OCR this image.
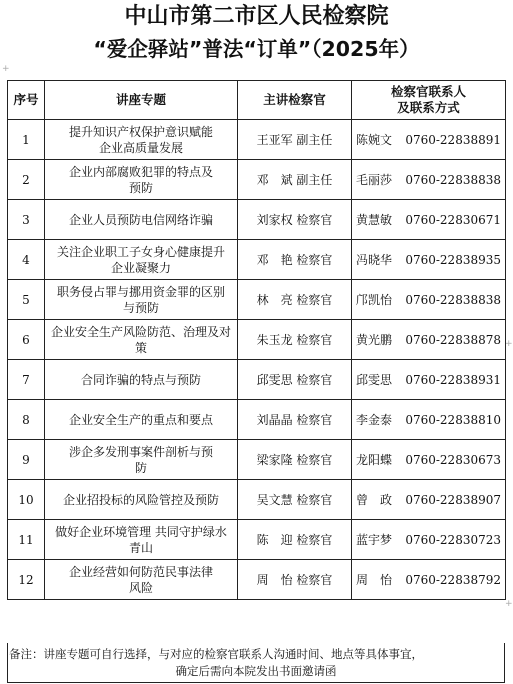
中山市第二市区人民检察院
“爱企驿站”普法“订单”（2025年）
+
+
+
序号	讲座专题	主讲检察官	检察官联系人
及联系方式

1	提升知识产权保护意识赋能企业高质量发展	王亚军 副主任	陈婉文 0760-22838891

2	企业内部腐败犯罪的特点及预防	邓　斌 副主任	毛丽莎 0760-22838838

3	企业人员预防电信网络诈骗	刘家权 检察官	黄慧敏 0760-22830671

4	关注企业职工子女身心健康提升企业凝聚力	邓　艳 检察官	冯晓华 0760-22838935

5	职务侵占罪与挪用资金罪的区别与预防	林　亮 检察官	邝凯怡 0760-22838838

6	企业安全生产风险防范、治理及对策	朱玉龙 检察官	黄光鹏 0760-22838878

7	合同诈骗的特点与预防	邱雯思 检察官	邱雯思 0760-22838931

8	企业安全生产的重点和要点	刘晶晶 检察官	李金泰 0760-22838810

9	涉企多发刑事案件剖析与预防	梁家隆 检察官	龙阳蝶 0760-22830673

10	企业招投标的风险管控及预防	吴文慧 检察官	曾　政 0760-22838907

11	做好企业环境管理 共同守护绿水青山	陈　迎 检察官	蓝宇梦 0760-22830723

12	企业经营如何防范民事法律风险	周　怡 检察官	周　怡 0760-22838792
备注：讲座专题可自行选择，与对应的检察官联系人沟通时间、地点等具体事宜，
确定后需向本院发出书面邀请函
